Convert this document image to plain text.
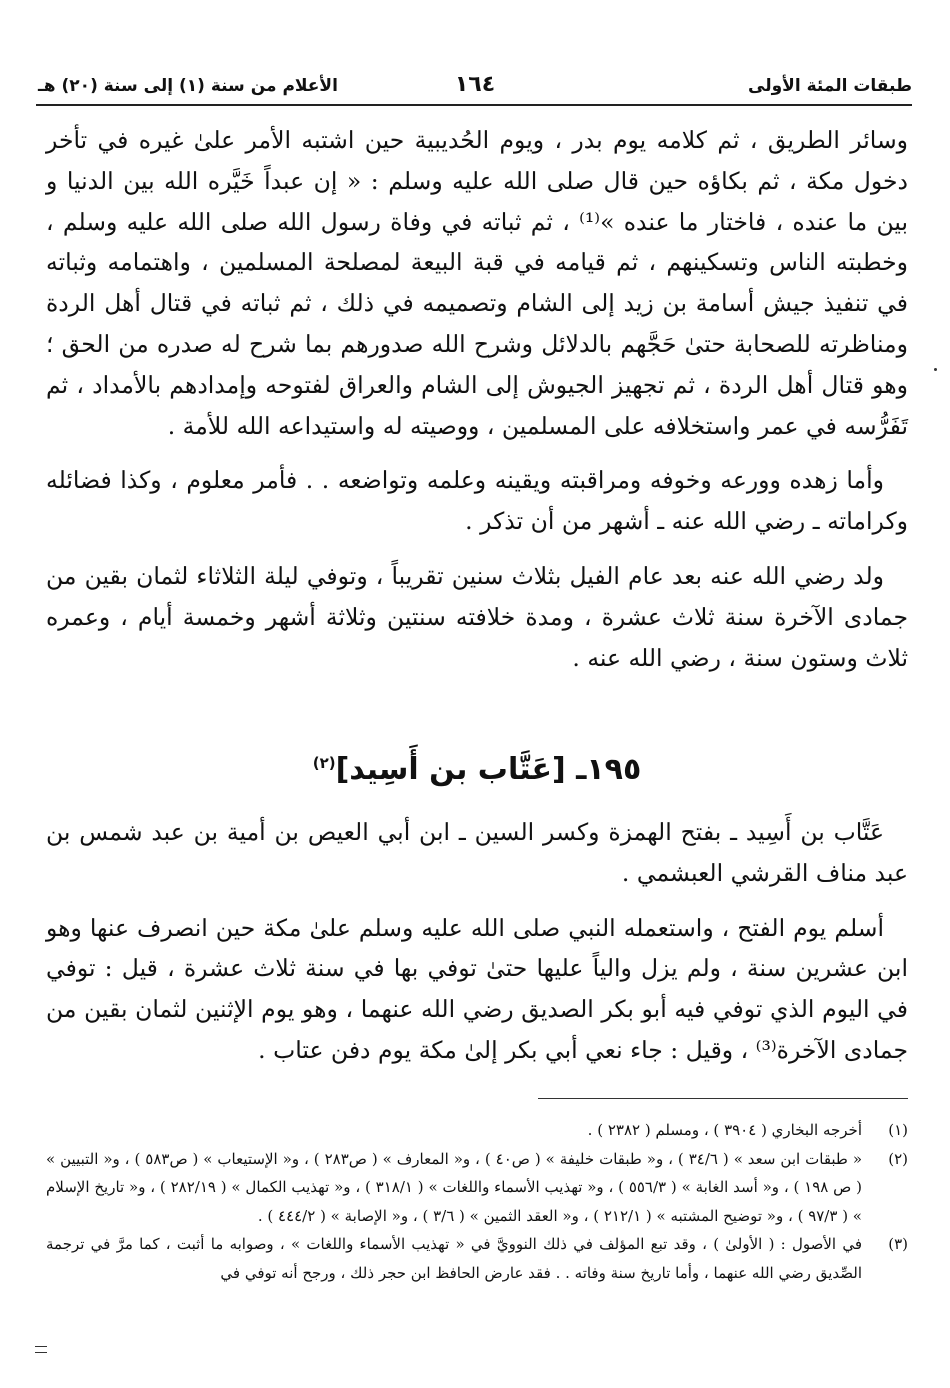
طبقات المئة الأولى
١٦٤
الأعلام من سنة (١) إلى سنة (٢٠) هـ

وسائر الطريق ، ثم كلامه يوم بدر ، ويوم الحُديبية حين اشتبه الأمر علىٰ غيره في تأخر دخول مكة ، ثم بكاؤه حين قال صلى الله عليه وسلم : « إن عبداً خَيَّره الله بين الدنيا و بين ما عنده ، فاختار ما عنده »⁽¹⁾ ، ثم ثباته في وفاة رسول الله صلى الله عليه وسلم ، وخطبته الناس وتسكينهم ، ثم قيامه في قبة البيعة لمصلحة المسلمين ، واهتمامه وثباته في تنفيذ جيش أسامة بن زيد إلى الشام وتصميمه في ذلك ، ثم ثباته في قتال أهل الردة ومناظرته للصحابة حتىٰ حَجَّهم بالدلائل وشرح الله صدورهم بما شرح له صدره من الحق ؛ وهو قتال أهل الردة ، ثم تجهيز الجيوش إلى الشام والعراق لفتوحه وإمدادهم بالأمداد ، ثم تَفَرُّسه في عمر واستخلافه على المسلمين ، ووصيته له واستيداعه الله للأمة .

وأما زهده وورعه وخوفه ومراقبته ويقينه وعلمه وتواضعه . . فأمر معلوم ، وكذا فضائله وكراماته ـ رضي الله عنه ـ أشهر من أن تذكر .

ولد رضي الله عنه بعد عام الفيل بثلاث سنين تقريباً ، وتوفي ليلة الثلاثاء لثمان بقين من جمادى الآخرة سنة ثلاث عشرة ، ومدة خلافته سنتين وثلاثة أشهر وخمسة أيام ، وعمره ثلاث وستون سنة ، رضي الله عنه .

١٩٥ـ [عَتَّاب بن أَسِيد]$^{(٢)}$

عَتَّاب بن أَسِيد ـ بفتح الهمزة وكسر السين ـ ابن أبي العيص بن أمية بن عبد شمس بن عبد مناف القرشي العبشمي .

أسلم يوم الفتح ، واستعمله النبي صلى الله عليه وسلم علىٰ مكة حين انصرف عنها وهو ابن عشرين سنة ، ولم يزل والياً عليها حتىٰ توفي بها في سنة ثلاث عشرة ، قيل : توفي في اليوم الذي توفي فيه أبو بكر الصديق رضي الله عنهما ، وهو يوم الإثنين لثمان بقين من جمادى الآخرة⁽³⁾ ، وقيل : جاء نعي أبي بكر إلىٰ مكة يوم دفن عتاب .

(١)
أخرجه البخاري ( ٣٩٠٤ ) ، ومسلم ( ٢٣٨٢ ) .
(٢)
« طبقات ابن سعد » ( ٣٤/٦ ) ، و« طبقات خليفة » ( ص٤٠ ) ، و« المعارف » ( ص٢٨٣ ) ، و« الإستيعاب » ( ص٥٨٣ ) ، و« التبيين » ( ص ١٩٨ ) ، و« أسد الغابة » ( ٥٥٦/٣ ) ، و« تهذيب الأسماء واللغات » ( ٣١٨/١ ) ، و« تهذيب الكمال » ( ٢٨٢/١٩ ) ، و« تاريخ الإسلام » ( ٩٧/٣ ) ، و« توضيح المشتبه » ( ٢١٢/١ ) ، و« العقد الثمين » ( ٣/٦ ) ، و« الإصابة » ( ٤٤٤/٢ ) .
(٣)
في الأصول : ( الأولىٰ ) ، وقد تبع المؤلف في ذلك النوويَّ في « تهذيب الأسماء واللغات » ، وصوابه ما أثبت ، كما مرَّ في ترجمة الصِّديق رضي الله عنهما ، وأما تاريخ سنة وفاته . . فقد عارض الحافظ ابن حجر ذلك ، ورجح أنه توفي في
